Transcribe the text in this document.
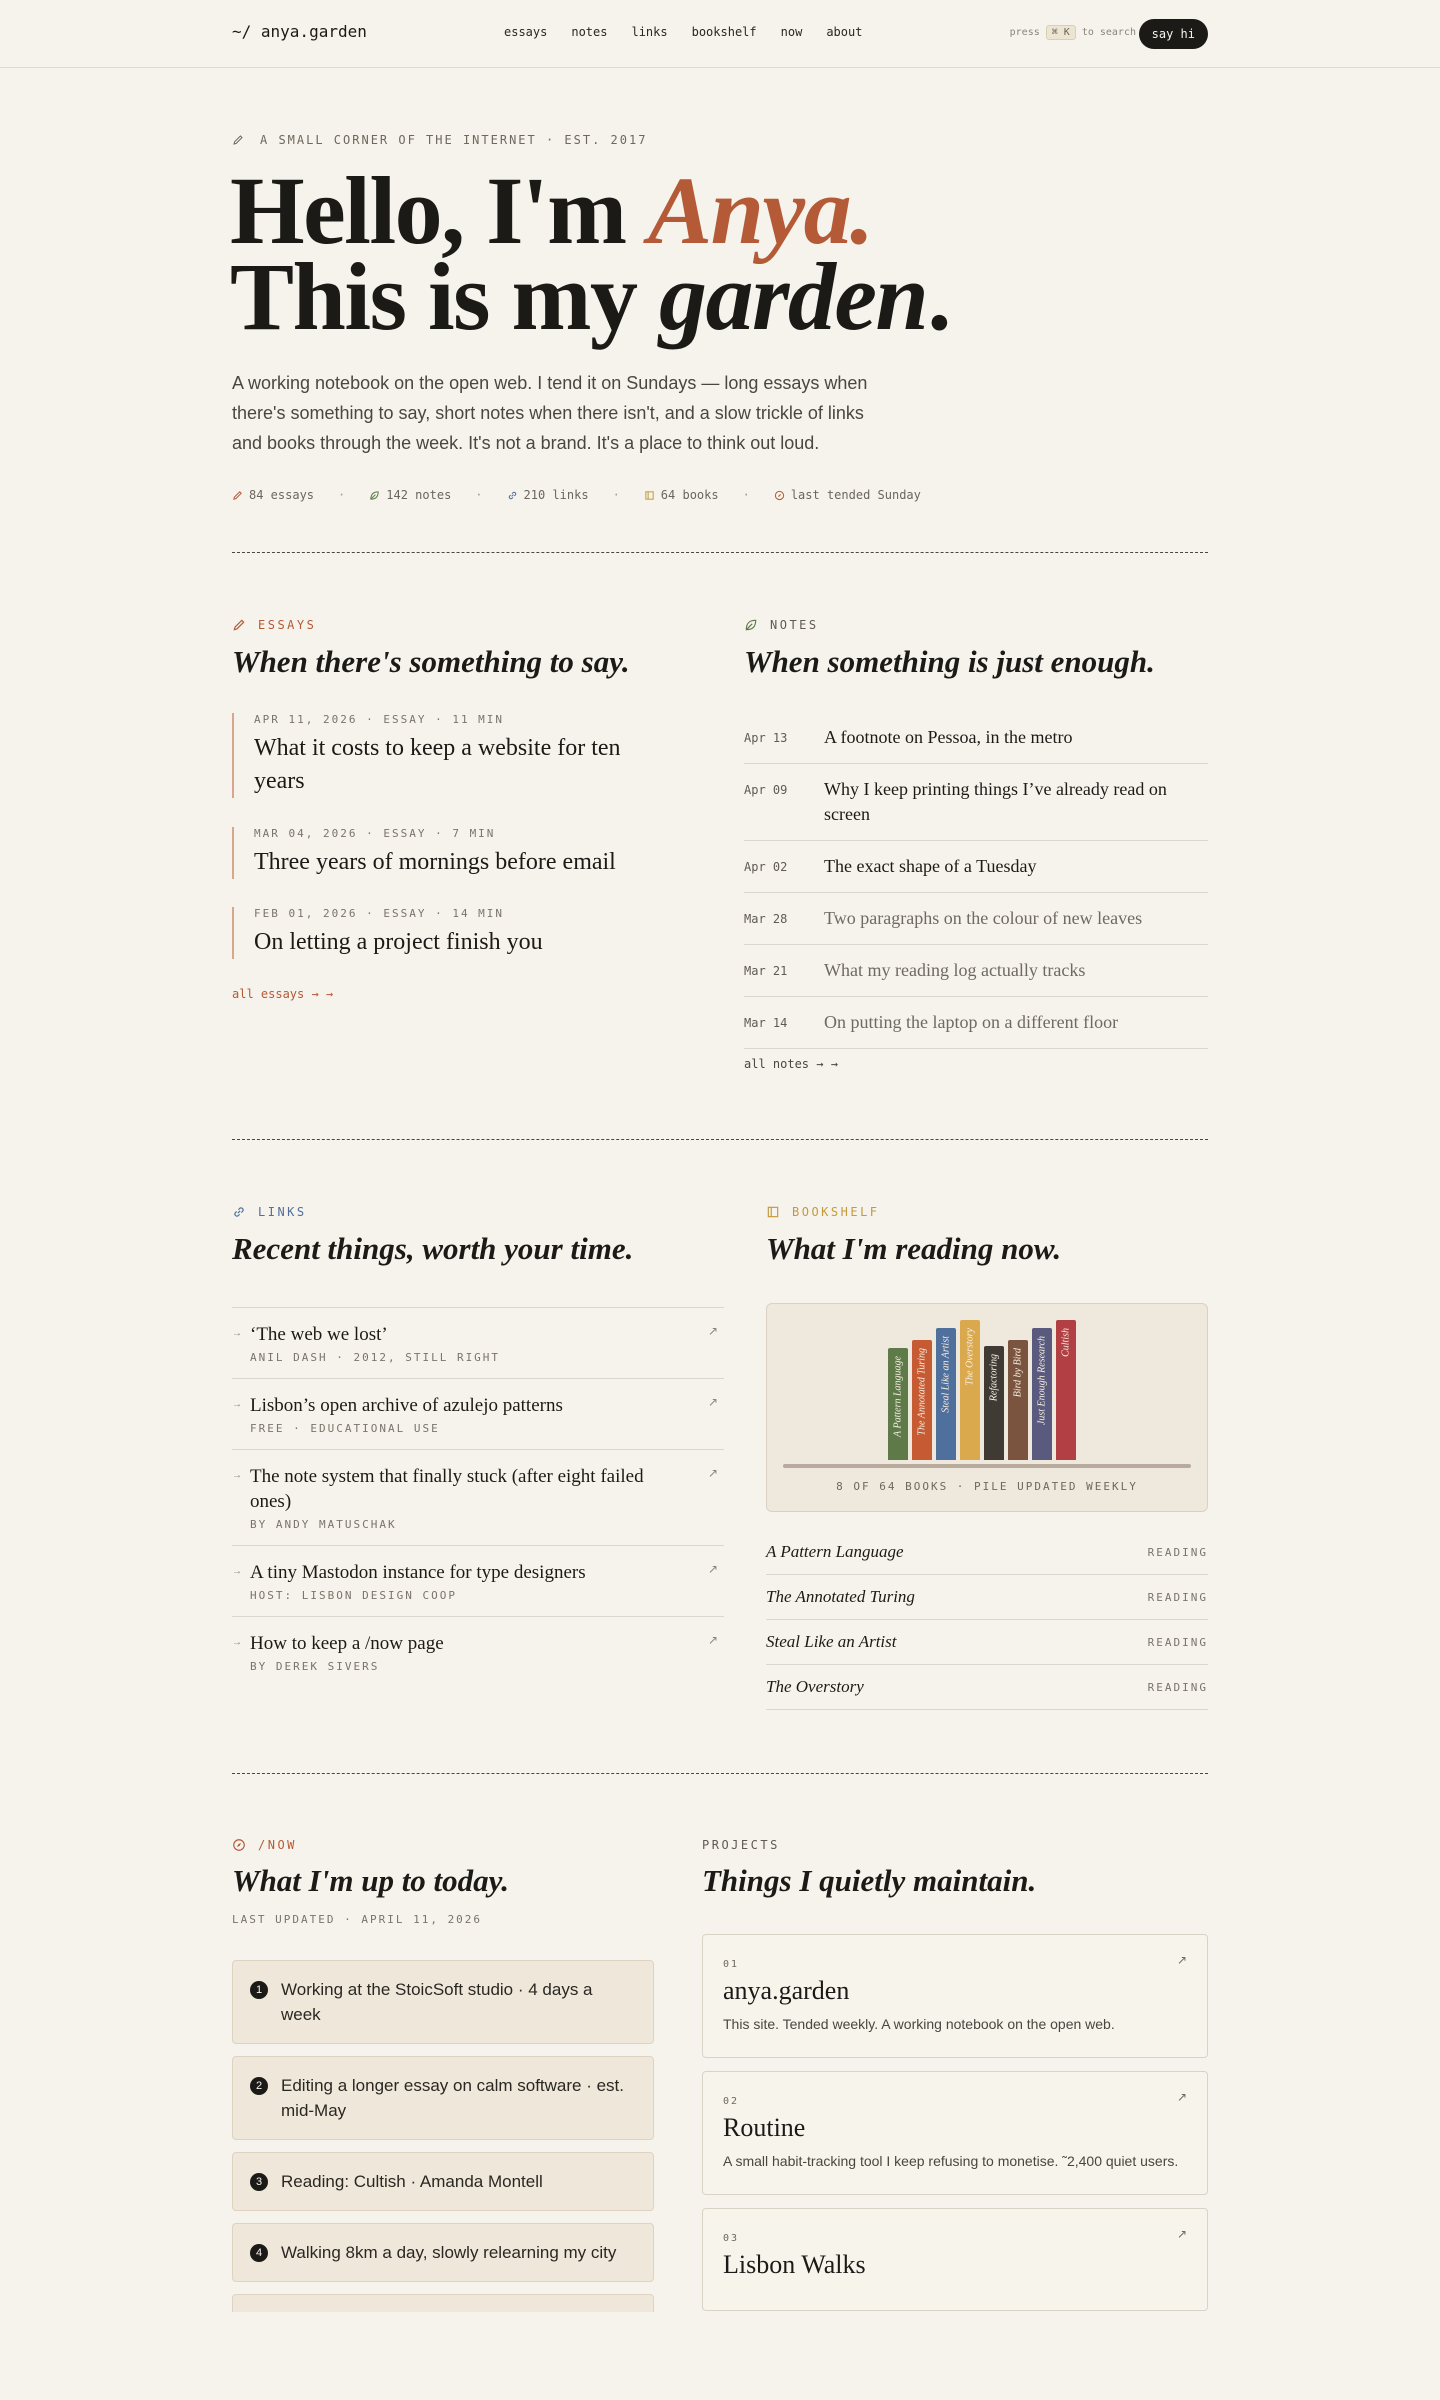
~/ anya.garden	essays notes links bookshelf now about	press	⌘ K	to search	say hi
A SMALL CORNER OF THE INTERNET · EST. 2017
Hello, I'm Anya.
This is my garden.

A working notebook on the open web. I tend it on Sundays — long essays when there's something to say, short notes when there isn't, and a slow trickle of links and books through the week. It's not a brand. It's a place to think out loud.

84 essays ·	142 notes ·	210 links ·	64 books ·	last tended Sunday
ESSAYS
When there's something to say.
APR 11, 2026 · ESSAY · 11 MIN
What it costs to keep a website for ten years
MAR 04, 2026 · ESSAY · 7 MIN
Three years of mornings before email
FEB 01, 2026 · ESSAY · 14 MIN
On letting a project finish you
all essays → →
NOTES
When something is just enough.
Apr 13	A footnote on Pessoa, in the metro
Apr 09	Why I keep printing things I’ve already read on screen
Apr 02	The exact shape of a Tuesday
Mar 28	Two paragraphs on the colour of new leaves
Mar 21	What my reading log actually tracks
Mar 14	On putting the laptop on a different floor
all notes → →
LINKS
Recent things, worth your time.
→ ‘The web we lost’
ANIL DASH · 2012, STILL RIGHT
↗
→ Lisbon’s open archive of azulejo patterns
FREE · EDUCATIONAL USE
↗
→ The note system that finally stuck (after eight failed ones)
BY ANDY MATUSCHAK
↗
→ A tiny Mastodon instance for type designers
HOST: LISBON DESIGN COOP
↗
→ How to keep a /now page
BY DEREK SIVERS
↗
BOOKSHELF
What I'm reading now.
A Pattern Language The Annotated Turing Steal Like an Artist The Overstory Refactoring Bird by Bird Just Enough Research Cultish
8 OF 64 BOOKS · PILE UPDATED WEEKLY
A Pattern Language	READING
The Annotated Turing	READING
Steal Like an Artist	READING
The Overstory	READING
/NOW
What I'm up to today.
LAST UPDATED · APRIL 11, 2026
1	Working at the StoicSoft studio · 4 days a week
2	Editing a longer essay on calm software · est. mid-May
3	Reading: Cultish · Amanda Montell
4	Walking 8km a day, slowly relearning my city
PROJECTS
Things I quietly maintain.
01
anya.garden
This site. Tended weekly. A working notebook on the open web.
↗
02
Routine
A small habit-tracking tool I keep refusing to monetise. ˜2,400 quiet users.
↗
03
Lisbon Walks
↗
